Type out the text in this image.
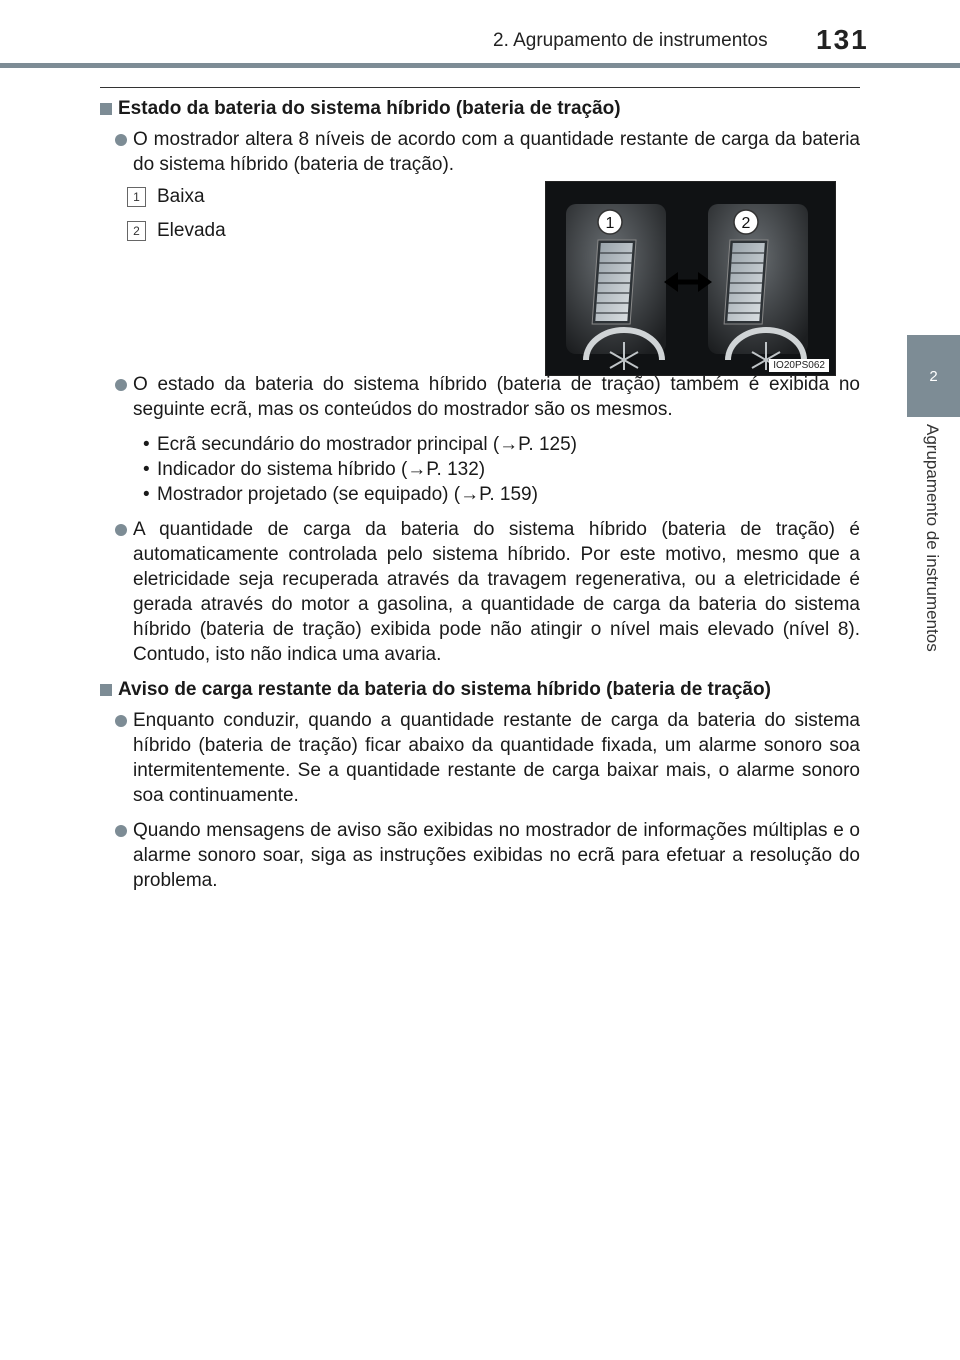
2. Agrupamento de instrumentos 131
2
Agrupamento de instrumentos
Estado da bateria do sistema híbrido (bateria de tração)
O mostrador altera 8 níveis de acordo com a quantidade restante de carga da bateria do sistema híbrido (bateria de tração).
1 Baixa
2 Elevada	1	2
IO20PS062
O estado da bateria do sistema híbrido (bateria de tração) também é exibida no seguinte ecrã, mas os conteúdos do mostrador são os mesmos.
• Ecrã secundário do mostrador principal (→P. 125)
• Indicador do sistema híbrido (→P. 132)
• Mostrador projetado (se equipado) (→P. 159)
A quantidade de carga da bateria do sistema híbrido (bateria de tração) é automaticamente controlada pelo sistema híbrido. Por este motivo, mesmo que a eletricidade seja recuperada através da travagem regenerativa, ou a eletricidade é gerada através do motor a gasolina, a quantidade de carga da bateria do sistema híbrido (bateria de tração) exibida pode não atingir o nível mais elevado (nível 8). Contudo, isto não indica uma avaria.
Aviso de carga restante da bateria do sistema híbrido (bateria de tração)
Enquanto conduzir, quando a quantidade restante de carga da bateria do sistema híbrido (bateria de tração) ficar abaixo da quantidade fixada, um alarme sonoro soa intermitentemente. Se a quantidade restante de carga baixar mais, o alarme sonoro soa continuamente.
Quando mensagens de aviso são exibidas no mostrador de informações múltiplas e o alarme sonoro soar, siga as instruções exibidas no ecrã para efetuar a resolução do problema.
